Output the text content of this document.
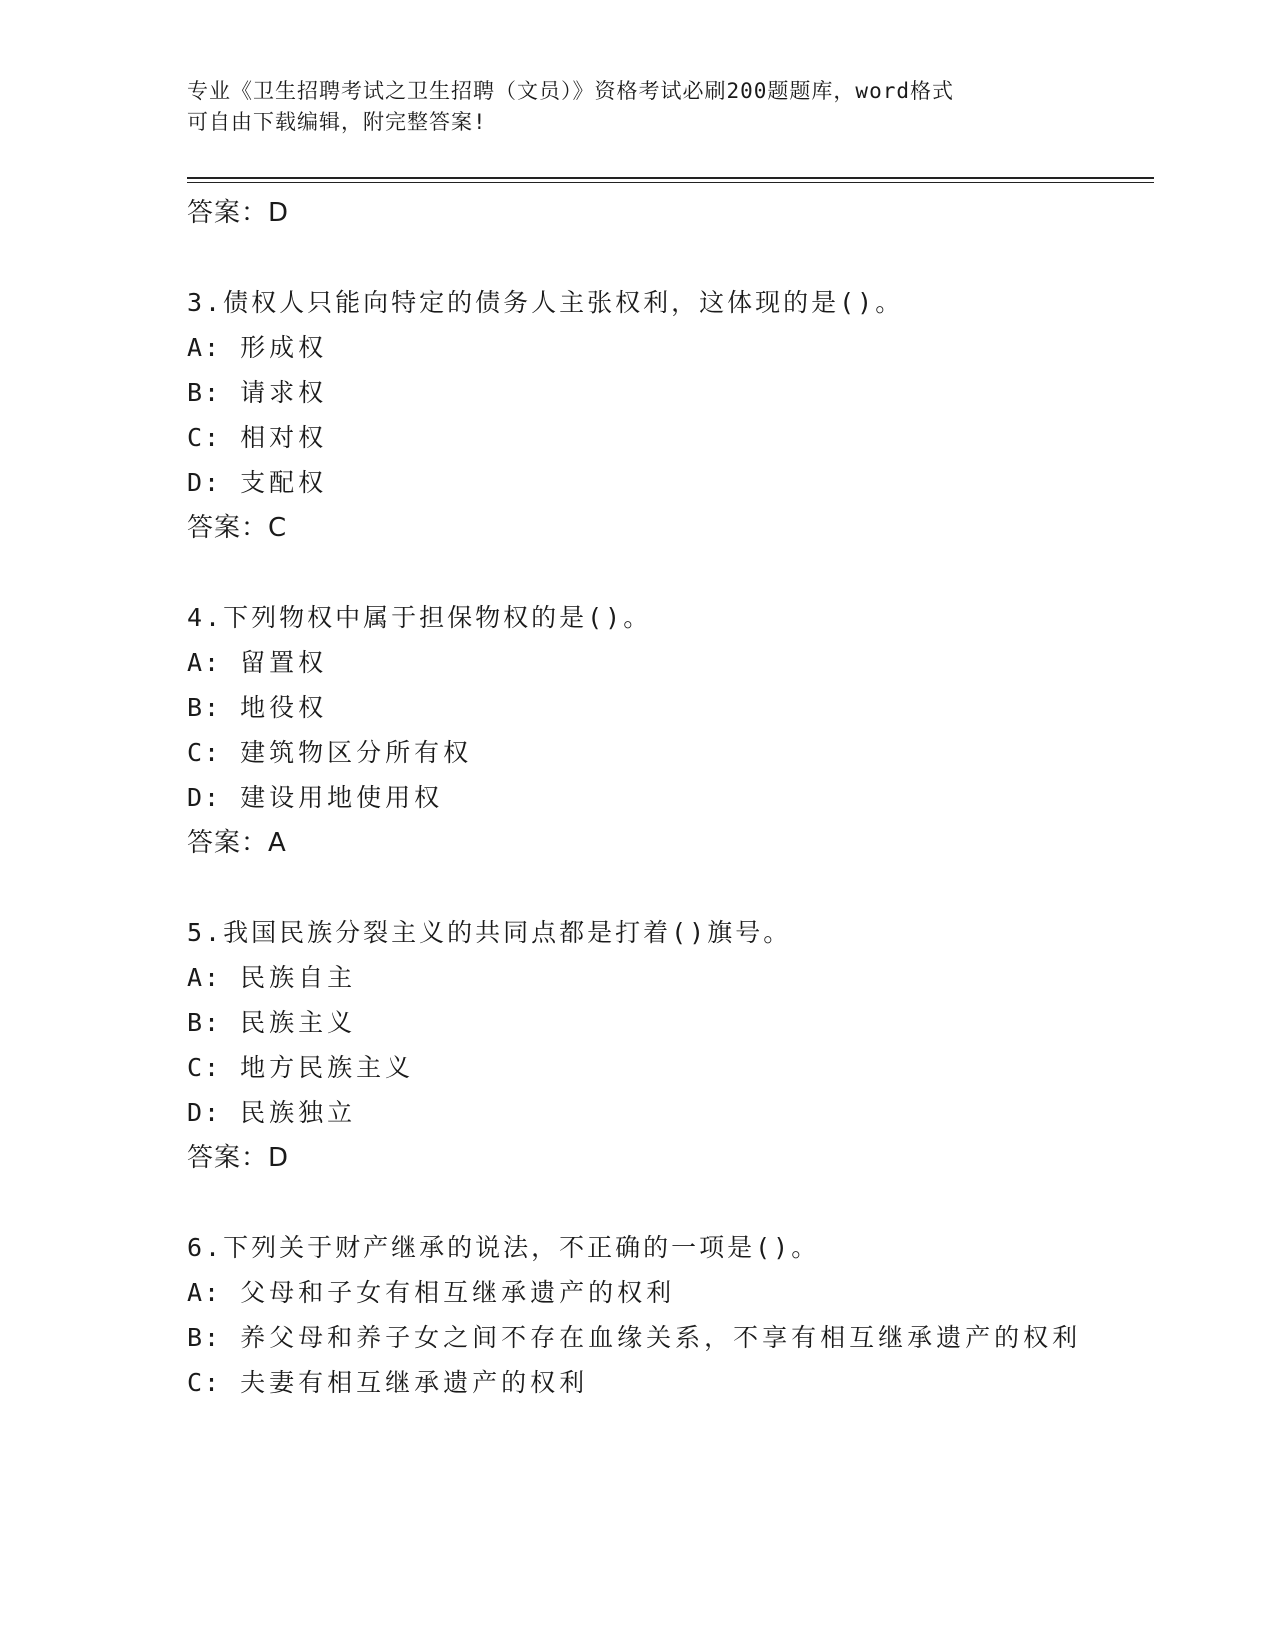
专业《卫生招聘考试之卫生招聘（文员）》资格考试必刷200题题库，word格式
可自由下载编辑，附完整答案!
答案：D
3.债权人只能向特定的债务人主张权利，这体现的是()。
A: 形成权
B: 请求权
C: 相对权
D: 支配权
答案：C
4.下列物权中属于担保物权的是()。
A: 留置权
B: 地役权
C: 建筑物区分所有权
D: 建设用地使用权
答案：A
5.我国民族分裂主义的共同点都是打着()旗号。
A: 民族自主
B: 民族主义
C: 地方民族主义
D: 民族独立
答案：D
6.下列关于财产继承的说法，不正确的一项是()。
A: 父母和子女有相互继承遗产的权利
B: 养父母和养子女之间不存在血缘关系，不享有相互继承遗产的权利
C: 夫妻有相互继承遗产的权利
